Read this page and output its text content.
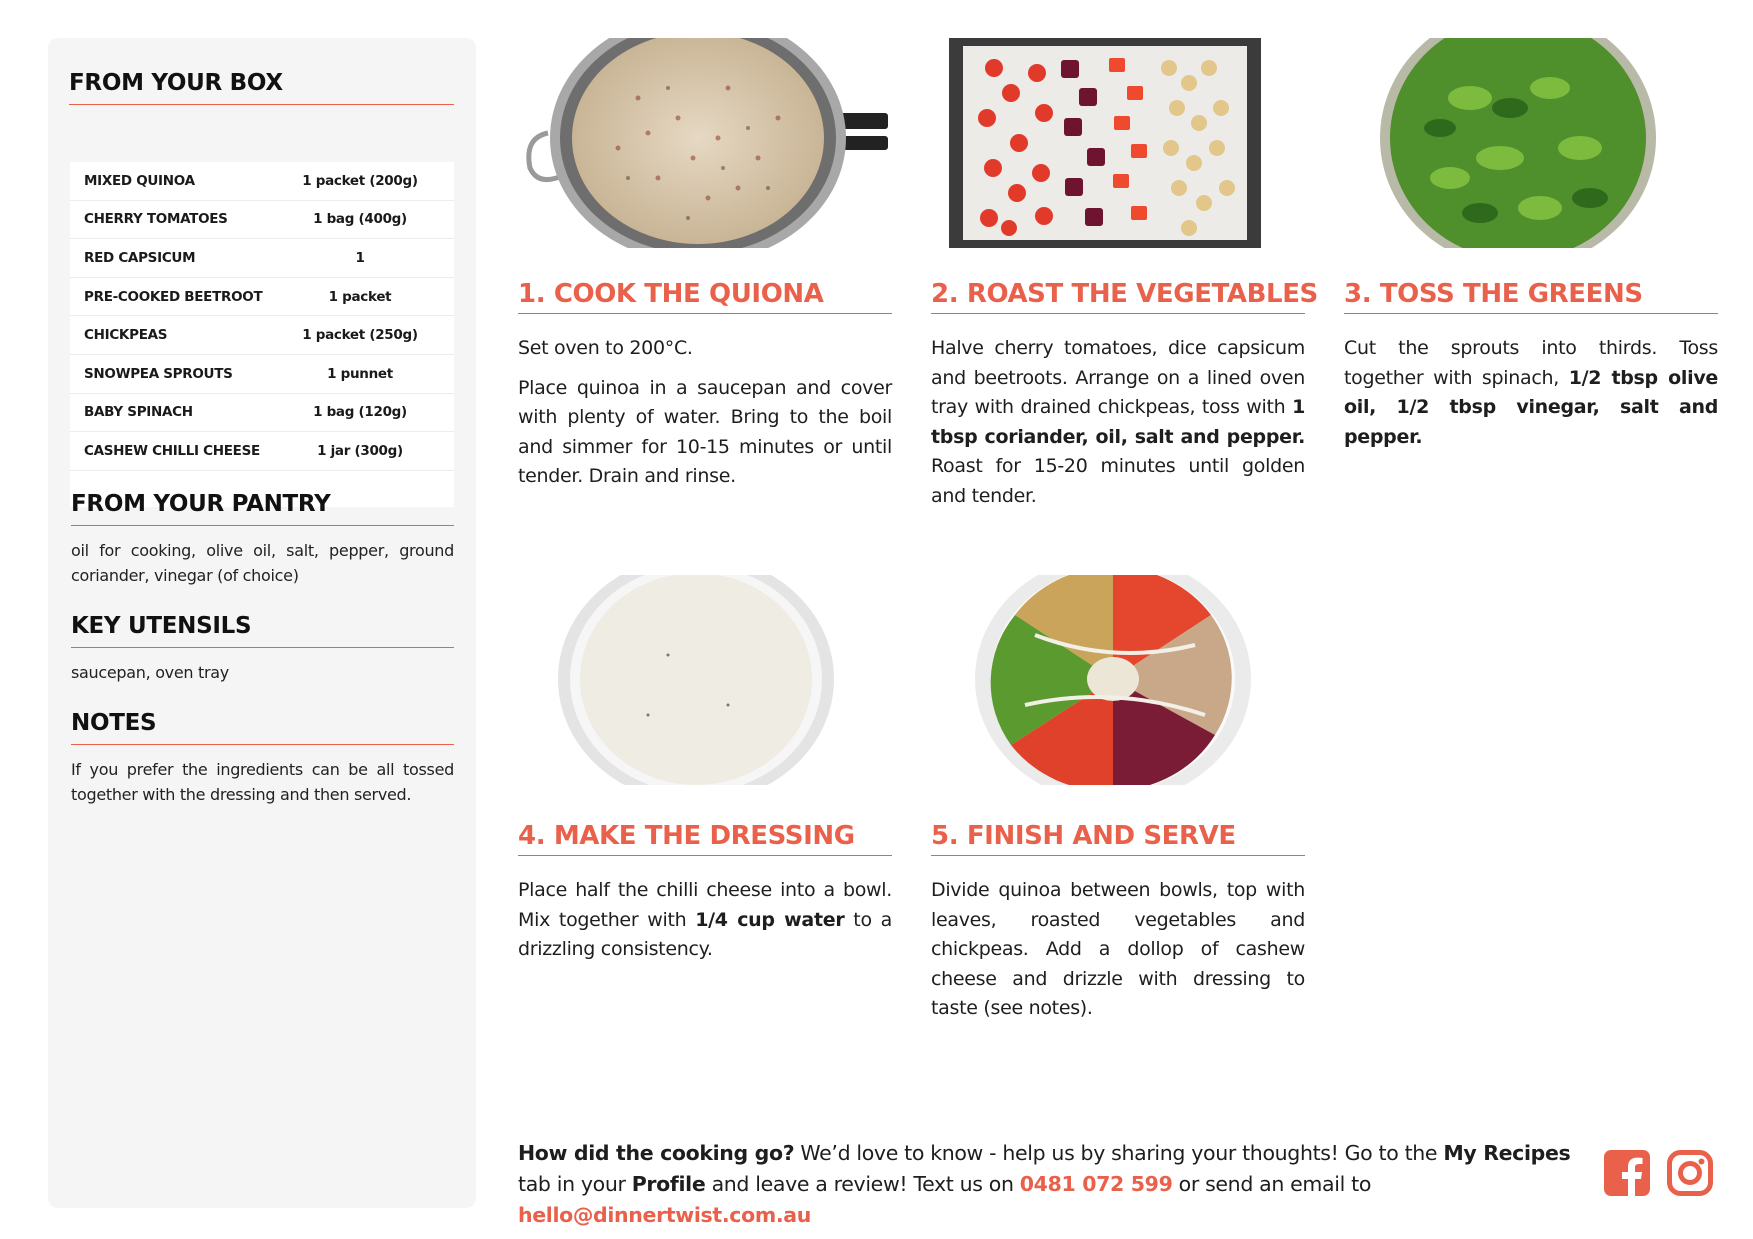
FROM YOUR BOX
MIXED QUINOA	1 packet (200g)
CHERRY TOMATOES	1 bag (400g)
RED CAPSICUM	1
PRE-COOKED BEETROOT	1 packet
CHICKPEAS	1 packet (250g)
SNOWPEA SPROUTS	1 punnet
BABY SPINACH	1 bag (120g)
CASHEW CHILLI CHEESE	1 jar (300g)
FROM YOUR PANTRY
oil for cooking, olive oil, salt, pepper, ground coriander, vinegar (of choice)
KEY UTENSILS
saucepan, oven tray
NOTES
If you prefer the ingredients can be all tossed together with the dressing and then served.
1. COOK THE QUIONA

Set oven to 200°C.

Place quinoa in a saucepan and cover with plenty of water. Bring to the boil and simmer for 10-15 minutes or until tender. Drain and rinse.

2. ROAST THE VEGETABLES

Halve cherry tomatoes, dice capsicum and beetroots. Arrange on a lined oven tray with drained chickpeas, toss with 1 tbsp coriander, oil, salt and pepper. Roast for 15-20 minutes until golden and tender.

3. TOSS THE GREENS

Cut the sprouts into thirds. Toss together with spinach, 1/2 tbsp olive oil, 1/2 tbsp vinegar, salt and pepper.

4. MAKE THE DRESSING

Place half the chilli cheese into a bowl. Mix together with 1/4 cup water to a drizzling consistency.

5. FINISH AND SERVE

Divide quinoa between bowls, top with leaves, roasted vegetables and chickpeas. Add a dollop of cashew cheese and drizzle with dressing to taste (see notes).

How did the cooking go? We’d love to know - help us by sharing your thoughts! Go to the My Recipes tab in your Profile and leave a review! Text us on 0481 072 599 or send an email to hello@dinnertwist.com.au
